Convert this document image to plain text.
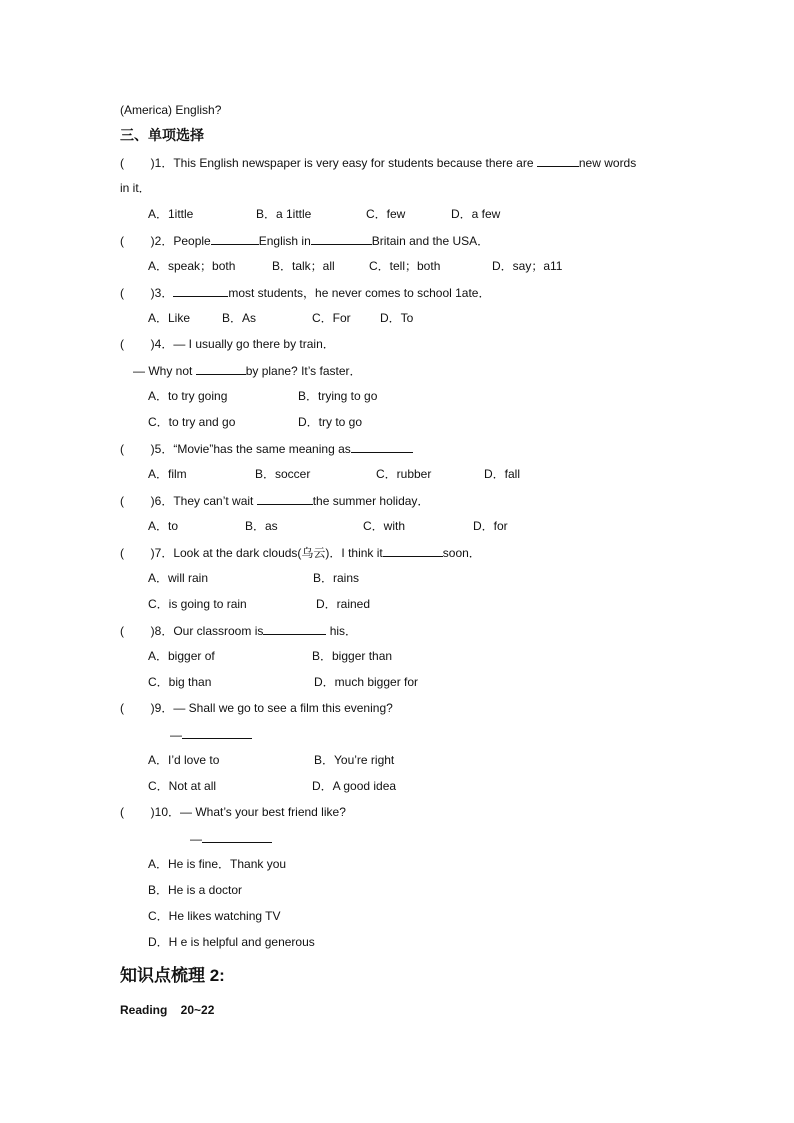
(America) English?
三、单项选择
(        )1．This English newspaper is very easy for students because there are	new words
in it．
A．1ittle	B．a 1ittle	C．few	D．a few
(        )2．People	English in	Britain and the USA．
A．speak；both	B．talk；all	C．tell；both	D．say；a11
(        )3．	most students，he never comes to school 1ate．
A．Like	B．As	C．For D．To
(        )4．— I usually go there by train．
— Why not	by plane? It’s faster．
A．to try going	B．trying to go
C．to try and go	D．try to go
(        )5．“Movie”has the same meaning as
A．film	B．soccer	C．rubber	D．fall
(        )6．They can’t wait	the summer holiday．
A．to	B．as	C．with	D．for
(        )7．Look at the dark clouds(乌云)．I think it	soon．
A．will rain	B．rains
C．is going to rain	D．rained
(        )8．Our classroom is	his．
A．bigger of	B．bigger than
C．big than	D．much bigger for
(        )9．— Shall we go to see a film this evening?
—
A．I’d love to	B．You’re right
C．Not at all	D．A good idea
(        )10．— What’s your best friend like?
—
A．He is fine．Thank you
B．He is a doctor
C．He likes watching TV
D．H e is helpful and generous
知识点梳理 2:
Reading    20~22
